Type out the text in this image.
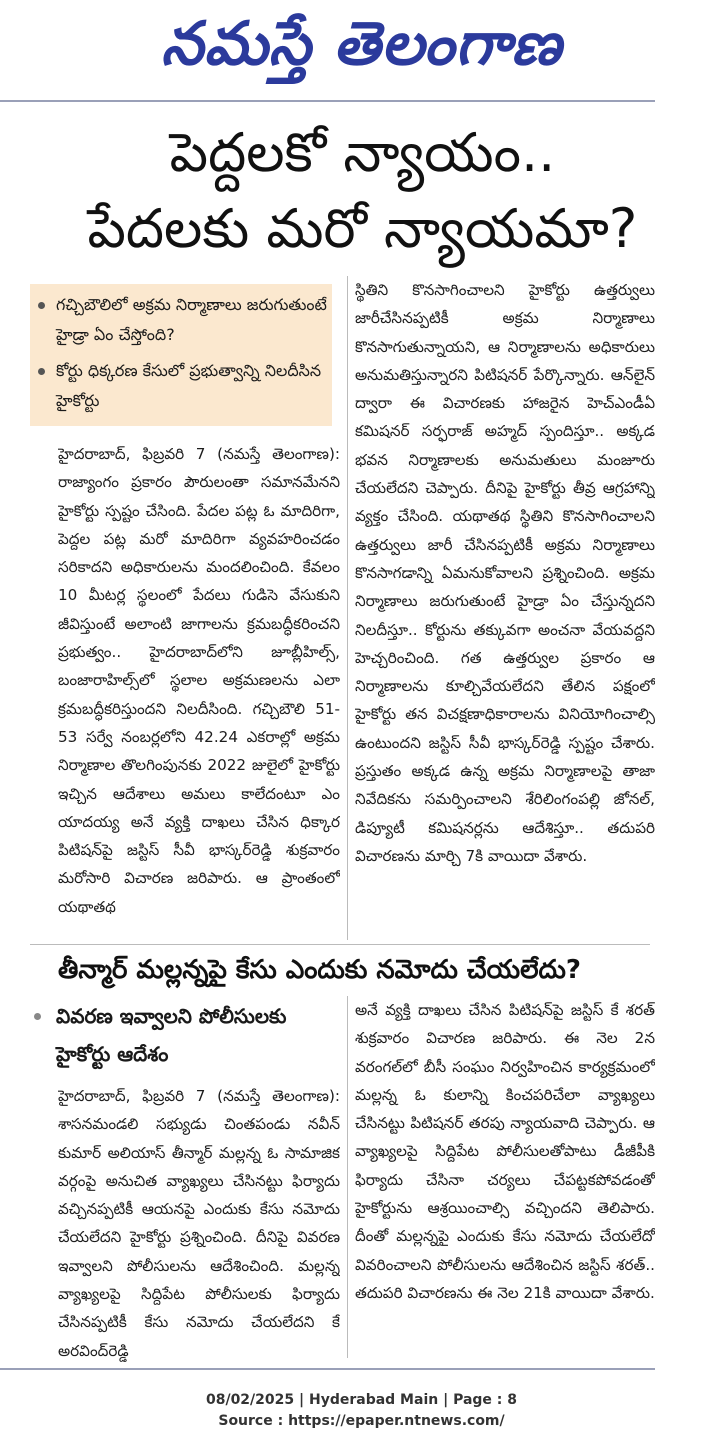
నమస్తే తెలంగాణ
పెద్దలకో న్యాయం..
పేదలకు మరో న్యాయమా?
గచ్చిబౌలిలో అక్రమ నిర్మాణాలు జరుగుతుంటే హైడ్రా ఏం చేస్తోంది?
కోర్టు ధిక్కరణ కేసులో ప్రభుత్వాన్ని నిలదీసిన హైకోర్టు
హైదరాబాద్, ఫిబ్రవరి 7 (నమస్తే తెలంగాణ): రాజ్యాంగం ప్రకారం పౌరులంతా సమానమేనని హైకోర్టు స్పష్టం చేసింది. పేదల పట్ల ఓ మాదిరిగా, పెద్దల పట్ల మరో మాదిరిగా వ్యవహరించడం సరికాదని అధికారులను మందలించింది. కేవలం 10 మీటర్ల స్థలంలో పేదలు గుడిసె వేసుకుని జీవిస్తుంటే అలాంటి జాగాలను క్రమబద్ధీకరించని ప్రభుత్వం.. హైదరాబాద్‌లోని జూబ్లీహిల్స్, బంజారాహిల్స్‌లో స్థలాల అక్రమణలను ఎలా క్రమబద్ధీకరిస్తుందని నిలదీసింది. గచ్చిబౌలి 51-53 సర్వే నంబర్లలోని 42.24 ఎకరాల్లో అక్రమ నిర్మాణాల తొలగింపునకు 2022 జులైలో హైకోర్టు ఇచ్చిన ఆదేశాలు అమలు కాలేదంటూ ఎం యాదయ్య అనే వ్యక్తి దాఖలు చేసిన ధిక్కార పిటిషన్‌పై జస్టిస్ సీవీ భాస్కర్‌రెడ్డి శుక్రవారం మరోసారి విచారణ జరిపారు. ఆ ప్రాంతంలో యథాతథ
స్థితిని కొనసాగించాలని హైకోర్టు ఉత్తర్వులు జారీచేసినప్పటికీ అక్రమ నిర్మాణాలు కొనసాగుతున్నాయని, ఆ నిర్మాణాలను అధికారులు అనుమతిస్తున్నారని పిటిషనర్ పేర్కొన్నారు. ఆన్‌లైన్ ద్వారా ఈ విచారణకు హాజరైన హెచ్ఎండీఏ కమిషనర్ సర్ఫరాజ్ అహ్మద్ స్పందిస్తూ.. అక్కడ భవన నిర్మాణాలకు అనుమతులు మంజూరు చేయలేదని చెప్పారు. దీనిపై హైకోర్టు తీవ్ర ఆగ్రహాన్ని వ్యక్తం చేసింది. యథాతథ స్థితిని కొనసాగించాలని ఉత్తర్వులు జారీ చేసినప్పటికీ అక్రమ నిర్మాణాలు కొనసాగడాన్ని ఏమనుకోవాలని ప్రశ్నించింది. అక్రమ నిర్మాణాలు జరుగుతుంటే హైడ్రా ఏం చేస్తున్నదని నిలదీస్తూ.. కోర్టును తక్కువగా అంచనా వేయవద్దని హెచ్చరించింది. గత ఉత్తర్వుల ప్రకారం ఆ నిర్మాణాలను కూల్చివేయలేదని తేలిన పక్షంలో హైకోర్టు తన విచక్షణాధికారాలను వినియోగించాల్సి ఉంటుందని జస్టిస్ సీవీ భాస్కర్‌రెడ్డి స్పష్టం చేశారు. ప్రస్తుతం అక్కడ ఉన్న అక్రమ నిర్మాణాలపై తాజా నివేదికను సమర్పించాలని శేరిలింగంపల్లి జోనల్, డిప్యూటీ కమిషనర్లను ఆదేశిస్తూ.. తదుపరి విచారణను మార్చి 7కి వాయిదా వేశారు.
తీన్మార్ మల్లన్నపై కేసు ఎందుకు నమోదు చేయలేదు?
వివరణ ఇవ్వాలని పోలీసులకు
హైకోర్టు ఆదేశం
హైదరాబాద్, ఫిబ్రవరి 7 (నమస్తే తెలంగాణ): శాసనమండలి సభ్యుడు చింతపండు నవీన్ కుమార్ అలియాస్ తీన్మార్ మల్లన్న ఓ సామాజిక వర్గంపై అనుచిత వ్యాఖ్యలు చేసినట్టు ఫిర్యాదు వచ్చినప్పటికీ ఆయనపై ఎందుకు కేసు నమోదు చేయలేదని హైకోర్టు ప్రశ్నించింది. దీనిపై వివరణ ఇవ్వాలని పోలీసులను ఆదేశించింది. మల్లన్న వ్యాఖ్యలపై సిద్దిపేట పోలీసులకు ఫిర్యాదు చేసినప్పటికీ కేసు నమోదు చేయలేదని కే అరవింద్‌రెడ్డి
అనే వ్యక్తి దాఖలు చేసిన పిటిషన్‌పై జస్టిస్ కే శరత్ శుక్రవారం విచారణ జరిపారు. ఈ నెల 2న వరంగల్‌లో బీసీ సంఘం నిర్వహించిన కార్యక్రమంలో మల్లన్న ఓ కులాన్ని కించపరిచేలా వ్యాఖ్యలు చేసినట్టు పిటిషనర్ తరపు న్యాయవాది చెప్పారు. ఆ వ్యాఖ్యలపై సిద్దిపేట పోలీసులతోపాటు డీజీపీకి ఫిర్యాదు చేసినా చర్యలు చేపట్టకపోవడంతో హైకోర్టును ఆశ్రయించాల్సి వచ్చిందని తెలిపారు. దీంతో మల్లన్నపై ఎందుకు కేసు నమోదు చేయలేదో వివరించాలని పోలీసులను ఆదేశించిన జస్టిస్ శరత్.. తదుపరి విచారణను ఈ నెల 21కి వాయిదా వేశారు.
08/02/2025 | Hyderabad Main | Page : 8
Source : https://epaper.ntnews.com/
